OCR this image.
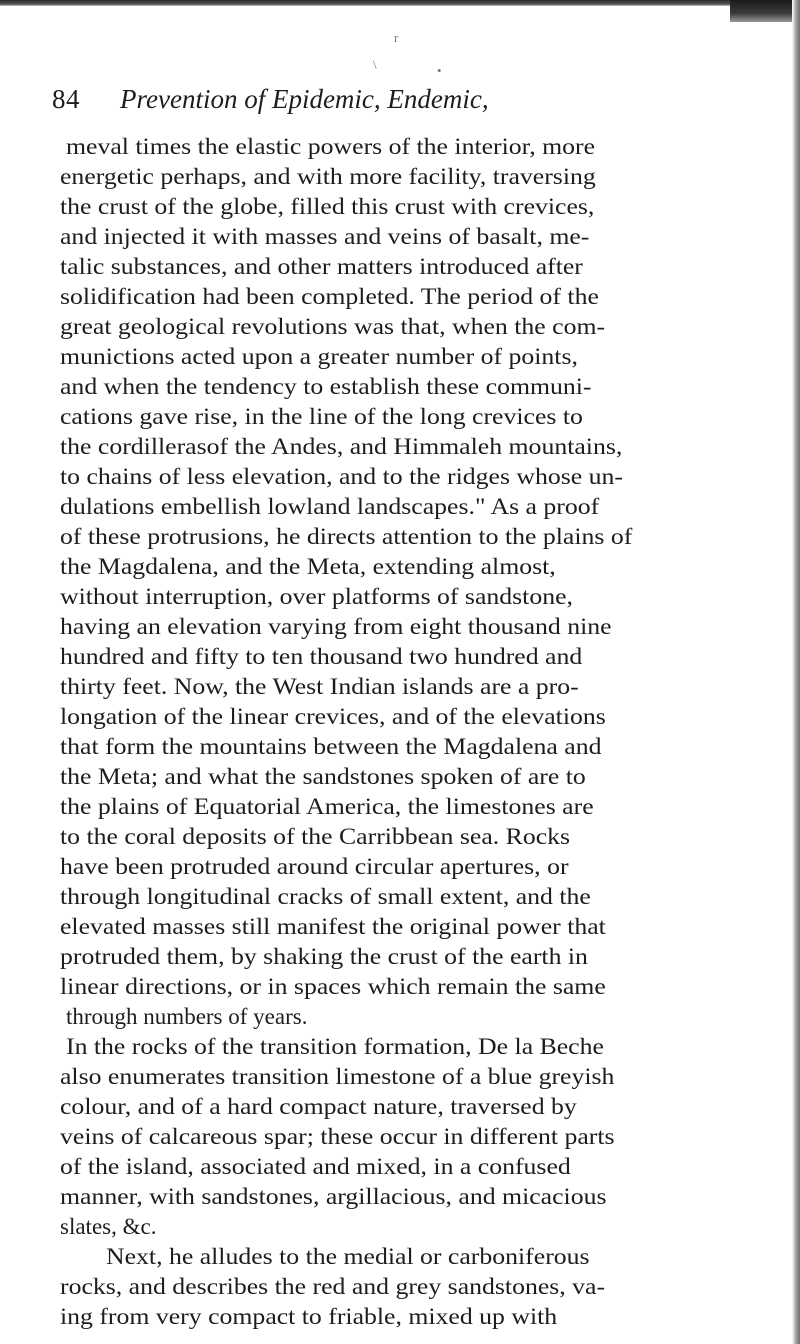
r
\	•
84 Prevention of Epidemic, Endemic,
meval times the elastic powers of the interior, more
energetic perhaps, and with more facility, traversing
the crust of the globe, filled this crust with crevices,
and injected it with masses and veins of basalt, me-
talic substances, and other matters introduced after
solidification had been completed. The period of the
great geological revolutions was that, when the com-
munictions acted upon a greater number of points,
and when the tendency to establish these communi-
cations gave rise, in the line of the long crevices to
the cordillerasof the Andes, and Himmaleh mountains,
to chains of less elevation, and to the ridges whose un-
dulations embellish lowland landscapes." As a proof
of these protrusions, he directs attention to the plains of
the Magdalena, and the Meta, extending almost,
without interruption, over platforms of sandstone,
having an elevation varying from eight thousand nine
hundred and fifty to ten thousand two hundred and
thirty feet. Now, the West Indian islands are a pro-
longation of the linear crevices, and of the elevations
that form the mountains between the Magdalena and
the Meta; and what the sandstones spoken of are to
the plains of Equatorial America, the limestones are
to the coral deposits of the Carribbean sea. Rocks
have been protruded around circular apertures, or
through longitudinal cracks of small extent, and the
elevated masses still manifest the original power that
protruded them, by shaking the crust of the earth in
linear directions, or in spaces which remain the same
through numbers of years.
In the rocks of the transition formation, De la Beche
also enumerates transition limestone of a blue greyish
colour, and of a hard compact nature, traversed by
veins of calcareous spar; these occur in different parts
of the island, associated and mixed, in a confused
manner, with sandstones, argillacious, and micacious
slates, &c.
Next, he alludes to the medial or carboniferous
rocks, and describes the red and grey sandstones, va-
ing from very compact to friable, mixed up with
